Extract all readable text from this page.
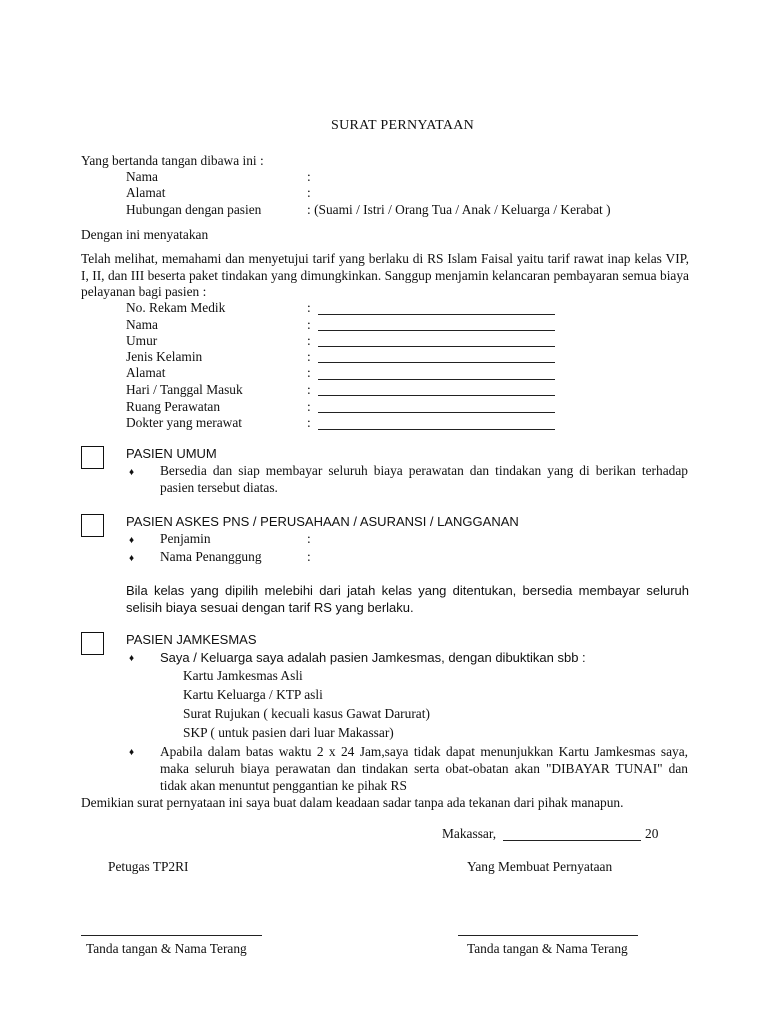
SURAT PERNYATAAN
Yang bertanda tangan dibawa ini :
Nama	:
Alamat	:
Hubungan dengan pasien	: (Suami / Istri / Orang Tua / Anak / Keluarga / Kerabat )
Dengan ini menyatakan
Telah melihat, memahami dan menyetujui tarif yang berlaku di RS Islam Faisal yaitu tarif rawat inap kelas VIP, I, II, dan III beserta paket tindakan yang dimungkinkan. Sanggup menjamin kelancaran pembayaran semua biaya pelayanan bagi pasien :
No. Rekam Medik	:
Nama	:
Umur	:
Jenis Kelamin	:
Alamat	:
Hari / Tanggal Masuk	:
Ruang Perawatan	:
Dokter yang merawat	:
PASIEN UMUM
♦ Bersedia dan siap membayar seluruh biaya perawatan dan tindakan yang di berikan terhadap pasien tersebut diatas.
PASIEN ASKES PNS / PERUSAHAAN / ASURANSI / LANGGANAN
♦ Penjamin	:
♦ Nama Penanggung	:
Bila kelas yang dipilih melebihi dari jatah kelas yang ditentukan, bersedia membayar seluruh selisih biaya sesuai dengan tarif RS yang berlaku.
PASIEN JAMKESMAS
♦ Saya / Keluarga saya adalah pasien Jamkesmas, dengan dibuktikan sbb :
Kartu Jamkesmas Asli
Kartu Keluarga / KTP asli
Surat Rujukan ( kecuali kasus Gawat Darurat)
SKP ( untuk pasien dari luar Makassar)
♦ Apabila dalam batas waktu 2 x 24 Jam,saya tidak dapat menunjukkan Kartu Jamkesmas saya, maka seluruh biaya perawatan dan tindakan serta obat-obatan akan "DIBAYAR TUNAI" dan tidak akan menuntut penggantian ke pihak RS
Demikian surat pernyataan ini saya buat dalam keadaan sadar tanpa ada tekanan dari pihak manapun.
Makassar,	20
Petugas TP2RI	Yang Membuat Pernyataan
Tanda tangan & Nama Terang	Tanda tangan & Nama Terang
